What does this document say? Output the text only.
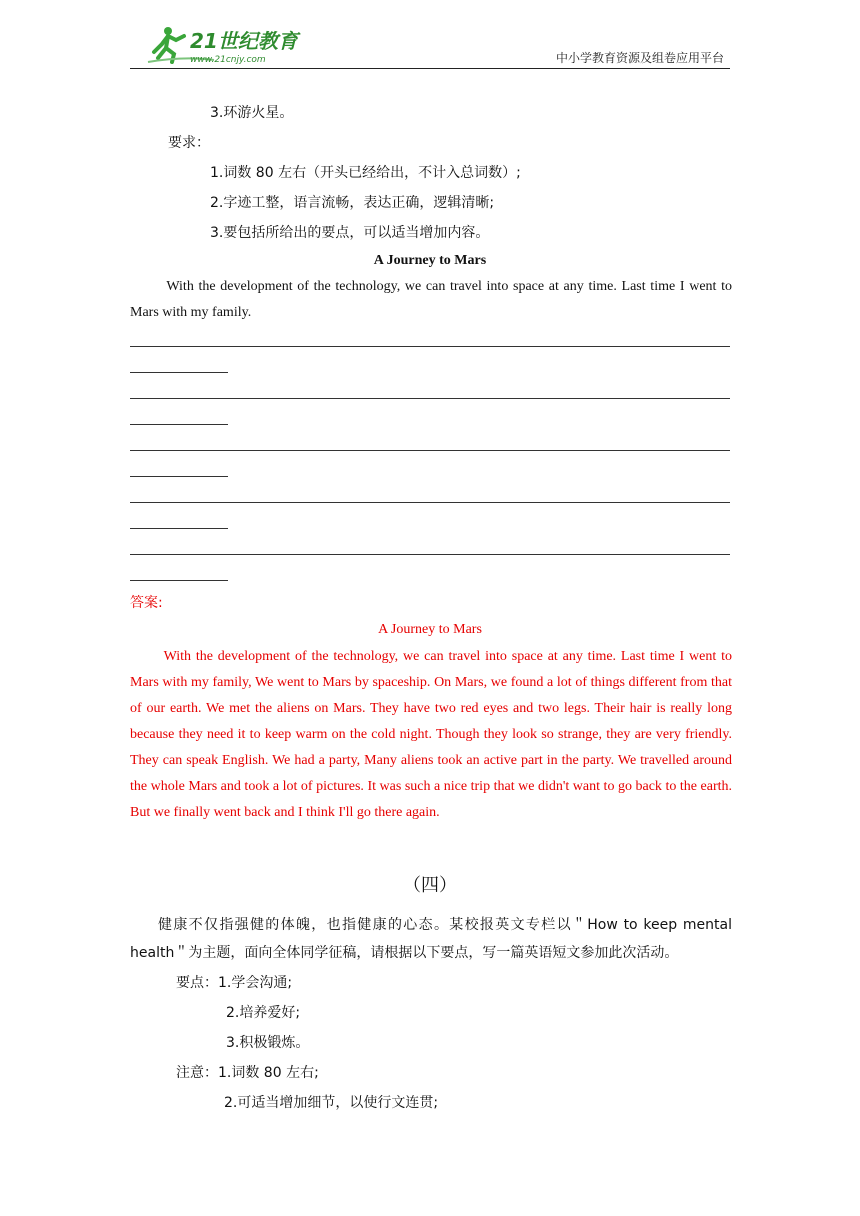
21世纪教育
www.21cnjy.com	中小学教育资源及组卷应用平台
3.环游火星。
要求：
1.词数 80 左右（开头已经给出，不计入总词数）;
2.字迹工整，语言流畅，表达正确，逻辑清晰;
3.要包括所给出的要点，可以适当增加内容。
A Journey to Mars
With the development of the technology, we can travel into space at any time. Last time I went to Mars with my family.
答案:
A Journey to Mars
With the development of the technology, we can travel into space at any time. Last time I went to Mars with my family, We went to Mars by spaceship. On Mars, we found a lot of things different from that of our earth. We met the aliens on Mars. They have two red eyes and two legs. Their hair is really long because they need it to keep warm on the cold night. Though they look so strange, they are very friendly. They can speak English. We had a party, Many aliens took an active part in the party. We travelled around the whole Mars and took a lot of pictures. It was such a nice trip that we didn't want to go back to the earth. But we finally went back and I think I'll go there again.
（四）
健康不仅指强健的体魄，也指健康的心态。某校报英文专栏以＂How to keep mental health＂为主题，面向全体同学征稿，请根据以下要点，写一篇英语短文参加此次活动。
要点：1.学会沟通;
2.培养爱好;
3.积极锻炼。
注意：1.词数 80 左右;
2.可适当增加细节，以使行文连贯;
